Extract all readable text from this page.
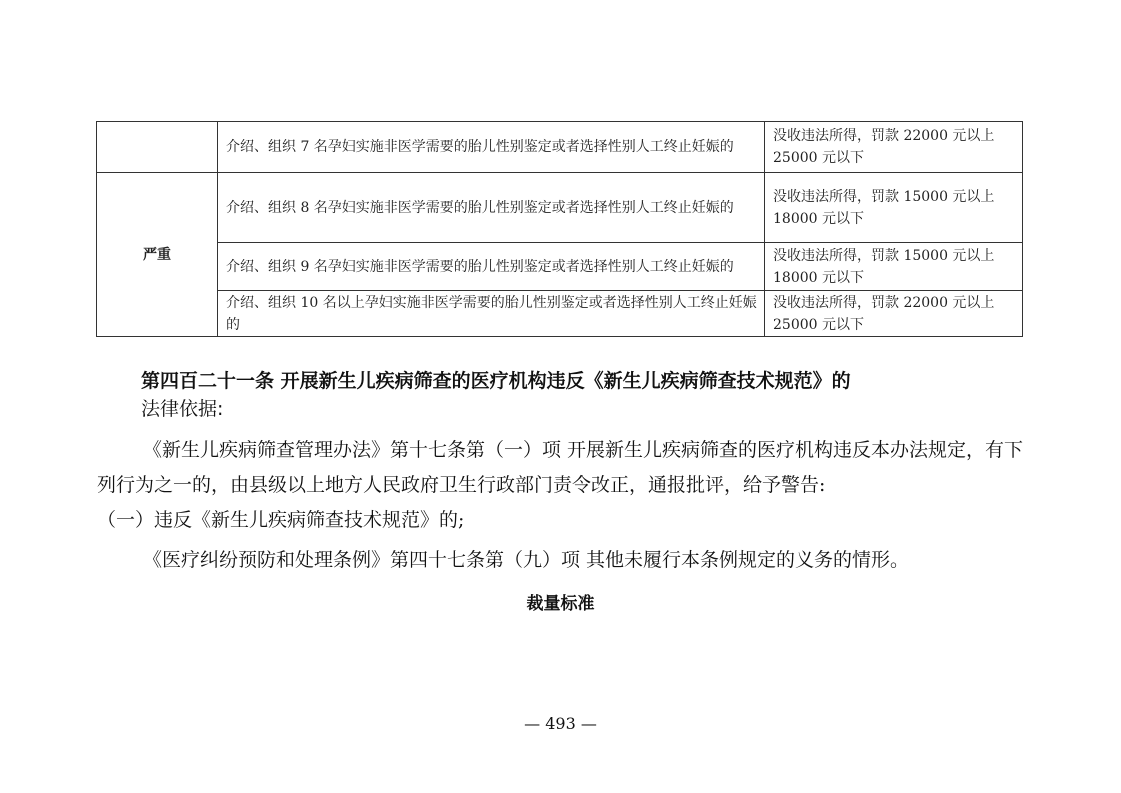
	介绍、组织 7 名孕妇实施非医学需要的胎儿性别鉴定或者选择性别人工终止妊娠的	没收违法所得，罚款 22000 元以上 25000 元以下
严重	介绍、组织 8 名孕妇实施非医学需要的胎儿性别鉴定或者选择性别人工终止妊娠的	没收违法所得，罚款 15000 元以上 18000 元以下
	介绍、组织 9 名孕妇实施非医学需要的胎儿性别鉴定或者选择性别人工终止妊娠的	没收违法所得，罚款 15000 元以上 18000 元以下
	介绍、组织 10 名以上孕妇实施非医学需要的胎儿性别鉴定或者选择性别人工终止妊娠的	没收违法所得，罚款 22000 元以上 25000 元以下
第四百二十一条 开展新生儿疾病筛查的医疗机构违反《新生儿疾病筛查技术规范》的
法律依据:
《新生儿疾病筛查管理办法》第十七条第（一）项 开展新生儿疾病筛查的医疗机构违反本办法规定，有下列行为之一的，由县级以上地方人民政府卫生行政部门责令改正，通报批评，给予警告:
（一）违反《新生儿疾病筛查技术规范》的;
《医疗纠纷预防和处理条例》第四十七条第（九）项 其他未履行本条例规定的义务的情形。
裁量标准
— 493 —
